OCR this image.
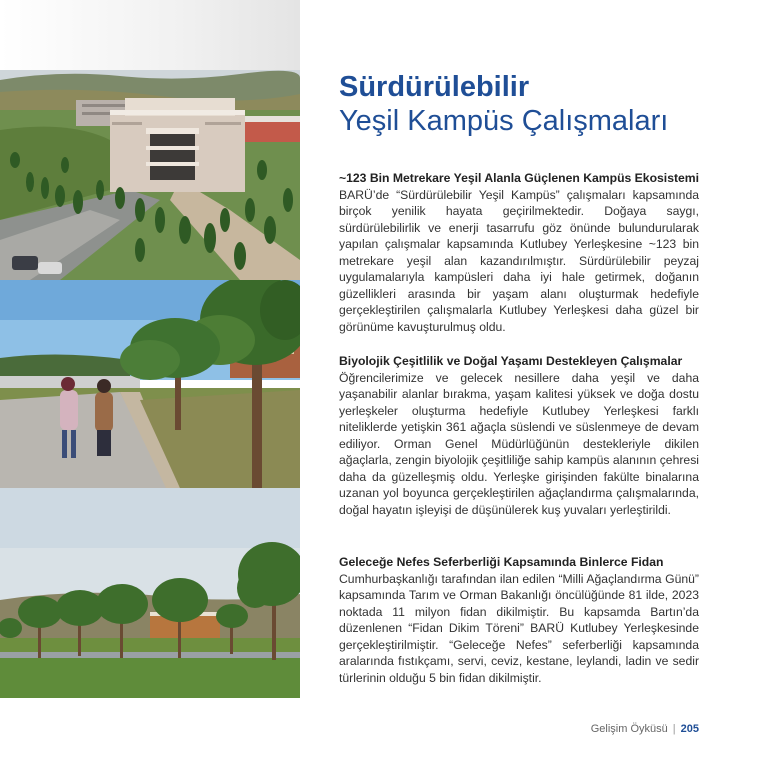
Sürdürülebilir
Yeşil Kampüs Çalışmaları

~123 Bin Metrekare Yeşil Alanla Güçlenen Kampüs Ekosistemi

BARÜ’de “Sürdürülebilir Yeşil Kampüs” çalışmaları kapsamında birçok yenilik hayata geçirilmektedir. Doğaya saygı, sürdürülebilirlik ve enerji tasarrufu göz önünde bulundurularak yapılan çalışmalar kapsamında Kutlubey Yerleşkesine ~123 bin metrekare yeşil alan kazandırılmıştır. Sürdürülebilir peyzaj uygulamalarıyla kampüsleri daha iyi hale getirmek, doğanın güzellikleri arasında bir yaşam alanı oluşturmak hedefiyle gerçekleştirilen çalışmalarla Kutlubey Yerleşkesi daha güzel bir görünüme kavuşturulmuş oldu.

Biyolojik Çeşitlilik ve Doğal Yaşamı Destekleyen Çalışmalar

Öğrencilerimize ve gelecek nesillere daha yeşil ve daha yaşanabilir alanlar bırakma, yaşam kalitesi yüksek ve doğa dostu yerleşkeler oluşturma hedefiyle Kutlubey Yerleşkesi farklı niteliklerde yetişkin 361 ağaçla süslendi ve süslenmeye de devam ediliyor. Orman Genel Müdürlüğünün destekleriyle dikilen ağaçlarla, zengin biyolojik çeşitliliğe sahip kampüs alanının çehresi daha da güzelleşmiş oldu. Yerleşke girişinden fakülte binalarına uzanan yol boyunca gerçekleştirilen ağaçlandırma çalışmalarında, doğal hayatın işleyişi de düşünülerek kuş yuvaları yerleştirildi.

Geleceğe Nefes Seferberliği Kapsamında Binlerce Fidan

Cumhurbaşkanlığı tarafından ilan edilen “Milli Ağaçlandırma Günü” kapsamında Tarım ve Orman Bakanlığı öncülüğünde 81 ilde, 2023 noktada 11 milyon fidan dikilmiştir. Bu kapsamda Bartın’da düzenlenen “Fidan Dikim Töreni” BARÜ Kutlubey Yerleşkesinde gerçekleştirilmiştir. “Geleceğe Nefes” seferberliği kapsamında aralarında fıstıkçamı, servi, ceviz, kestane, leylandi, ladin ve sedir türlerinin olduğu 5 bin fidan dikilmiştir.

Gelişim Öyküsü | 205
